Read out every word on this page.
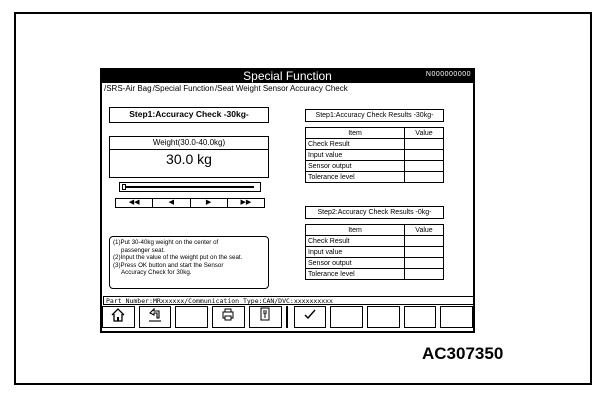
Special Function	N000000000
/SRS-Air Bag/Special Function/Seat Weight Sensor Accuracy Check
Step1:Accuracy Check -30kg-
Weight(30.0-40.0kg)
30.0 kg
◀◀	◀	▶	▶▶
(1)Put 30-40kg weight on the center of
passenger seat.
(2)Input the value of the weight put on the seat.
(3)Press OK button and start the Sensor
Accuracy Check for 30kg.
Step1:Accuracy Check Results -30kg-
Item	Value
Check Result	
Input value	
Sensor output	
Tolerance level	
Step2:Accuracy Check Results -0kg-
Item	Value
Check Result	
Input value	
Sensor output	
Tolerance level	
Part Number:MRxxxxxx/Communication Type:CAN/DVC:xxxxxxxxxx
AC307350
